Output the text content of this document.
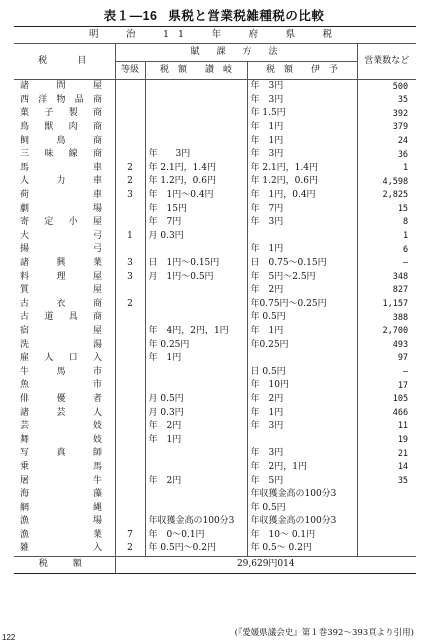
表１—16 県税と営業税雑種税の比較
明　治　11　年　府　県　税				
税　　目	賦　課　方　法			営業数など
	等級	税　額　　讃　岐	税　額　　伊　予	

諸 問 屋			年　3円	500

西 洋 物 品 商			年　3円	35

菓 子 製 商			年 1.5円	392

鳥 獣 肉 商			年　1円	379

飼 鳥 商			年　1円	24

三 味 線 商		年　　3円	年　3円	36

馬 車	2	年 2.1円，1.4円	年 2.1円，1.4円	1

人 力 車	2	年 1.2円，0.6円	年 1.2円，0.6円	4,598

荷 車	3	年　1円〜0.4円	年　1円，0.4円	2,825

劇 場		年　15円	年　7円	15

寄 定 小 屋		年　7円	年　3円	8

大 弓	1	月 0.3円		1

揚 弓			年　1円	6

諸 興 業	3	日　1円〜0.15円	日　0.75〜0.15円	—

料 理 屋	3	月　1円〜0.5円	年　5円〜2.5円	348

質 屋			年　2円	827

古 衣 商	2		年0.75円〜0.25円	1,157

古 道 具 商			年 0.5円	388

宿 屋		年　4円，2円，1円	年　1円	2,700

洗 湯		年 0.25円	年0.25円	493

雇 人 口 入		年　1円		97

牛 馬 市			日 0.5円	—

魚 市			年　10円	17

俳 優 者		月 0.5円	年　2円	105

諸 芸 人		月 0.3円	年　1円	466

芸 妓		年　2円	年　3円	11

舞 妓		年　1円		19

写 真 師			年　3円	21

乗 馬			年　2円，1円	14

屠 牛		年　2円	年　5円	35

海 藻			年収獲金高の100分3	

網 縄			年 0.5円	

漁 場		年収獲金高の100分3	年収獲金高の100分3	

漁 業	7	年　0〜0.1円	年　10〜 0.1円	

雑 入	2	年 0.5円〜0.2円	年 0.5〜 0.2円	
税　額	29,629円014			
(『愛媛県議会史』第１巻392〜393頁より引用)
122
